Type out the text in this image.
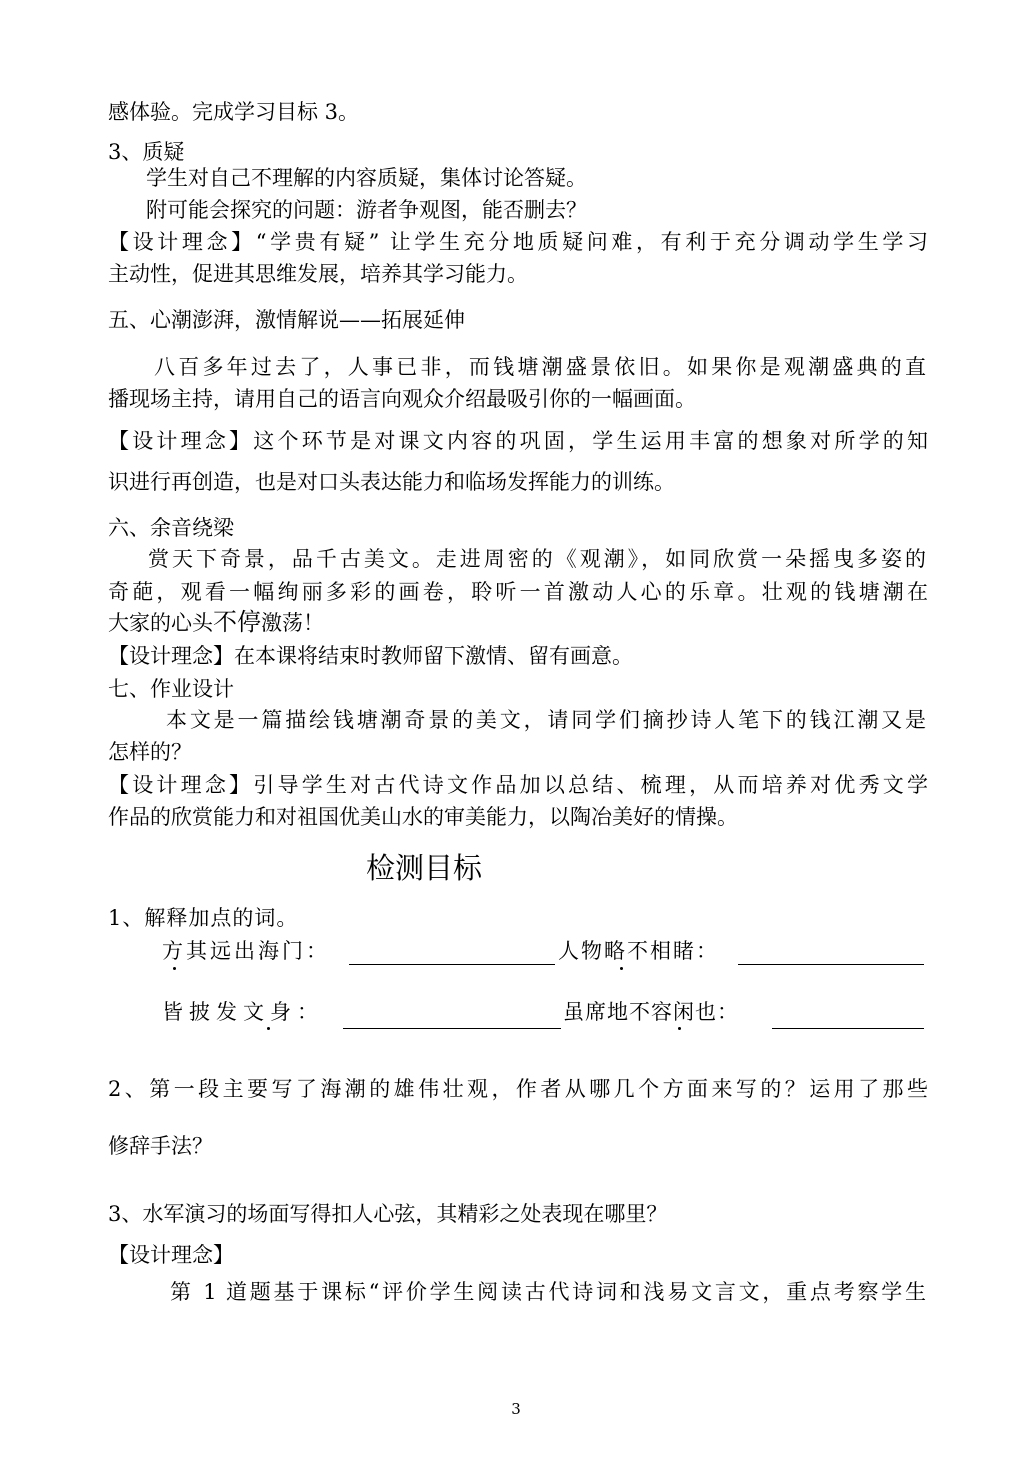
感体验。完成学习目标 3。
3、质疑
学生对自己不理解的内容质疑，集体讨论答疑。
附可能会探究的问题：游者争观图，能否删去？
【设计理念】“学贵有疑” 让学生充分地质疑问难，有利于充分调动学生学习
主动性，促进其思维发展，培养其学习能力。
五、心潮澎湃，激情解说——拓展延伸
八百多年过去了，人事已非，而钱塘潮盛景依旧。如果你是观潮盛典的直
播现场主持，请用自己的语言向观众介绍最吸引你的一幅画面。
【设计理念】这个环节是对课文内容的巩固，学生运用丰富的想象对所学的知
识进行再创造，也是对口头表达能力和临场发挥能力的训练。
六、余音绕梁
赏天下奇景，品千古美文。走进周密的《观潮》，如同欣赏一朵摇曳多姿的
奇葩，观看一幅绚丽多彩的画卷，聆听一首激动人心的乐章。壮观的钱塘潮在
大家的心头不停激荡！
【设计理念】在本课将结束时教师留下激情、留有画意。
七、作业设计
本文是一篇描绘钱塘潮奇景的美文，请同学们摘抄诗人笔下的钱江潮又是
怎样的？
【设计理念】引导学生对古代诗文作品加以总结、梳理，从而培养对优秀文学
作品的欣赏能力和对祖国优美山水的审美能力，以陶冶美好的情操。
检测目标
1、解释加点的词。
方其远出海门：	人物略不相睹：
皆披发文身：	虽席地不容闲也：
2、第一段主要写了海潮的雄伟壮观，作者从哪几个方面来写的？运用了那些
修辞手法？
3、水军演习的场面写得扣人心弦，其精彩之处表现在哪里？
【设计理念】
第 1 道题基于课标“评价学生阅读古代诗词和浅易文言文，重点考察学生
3
